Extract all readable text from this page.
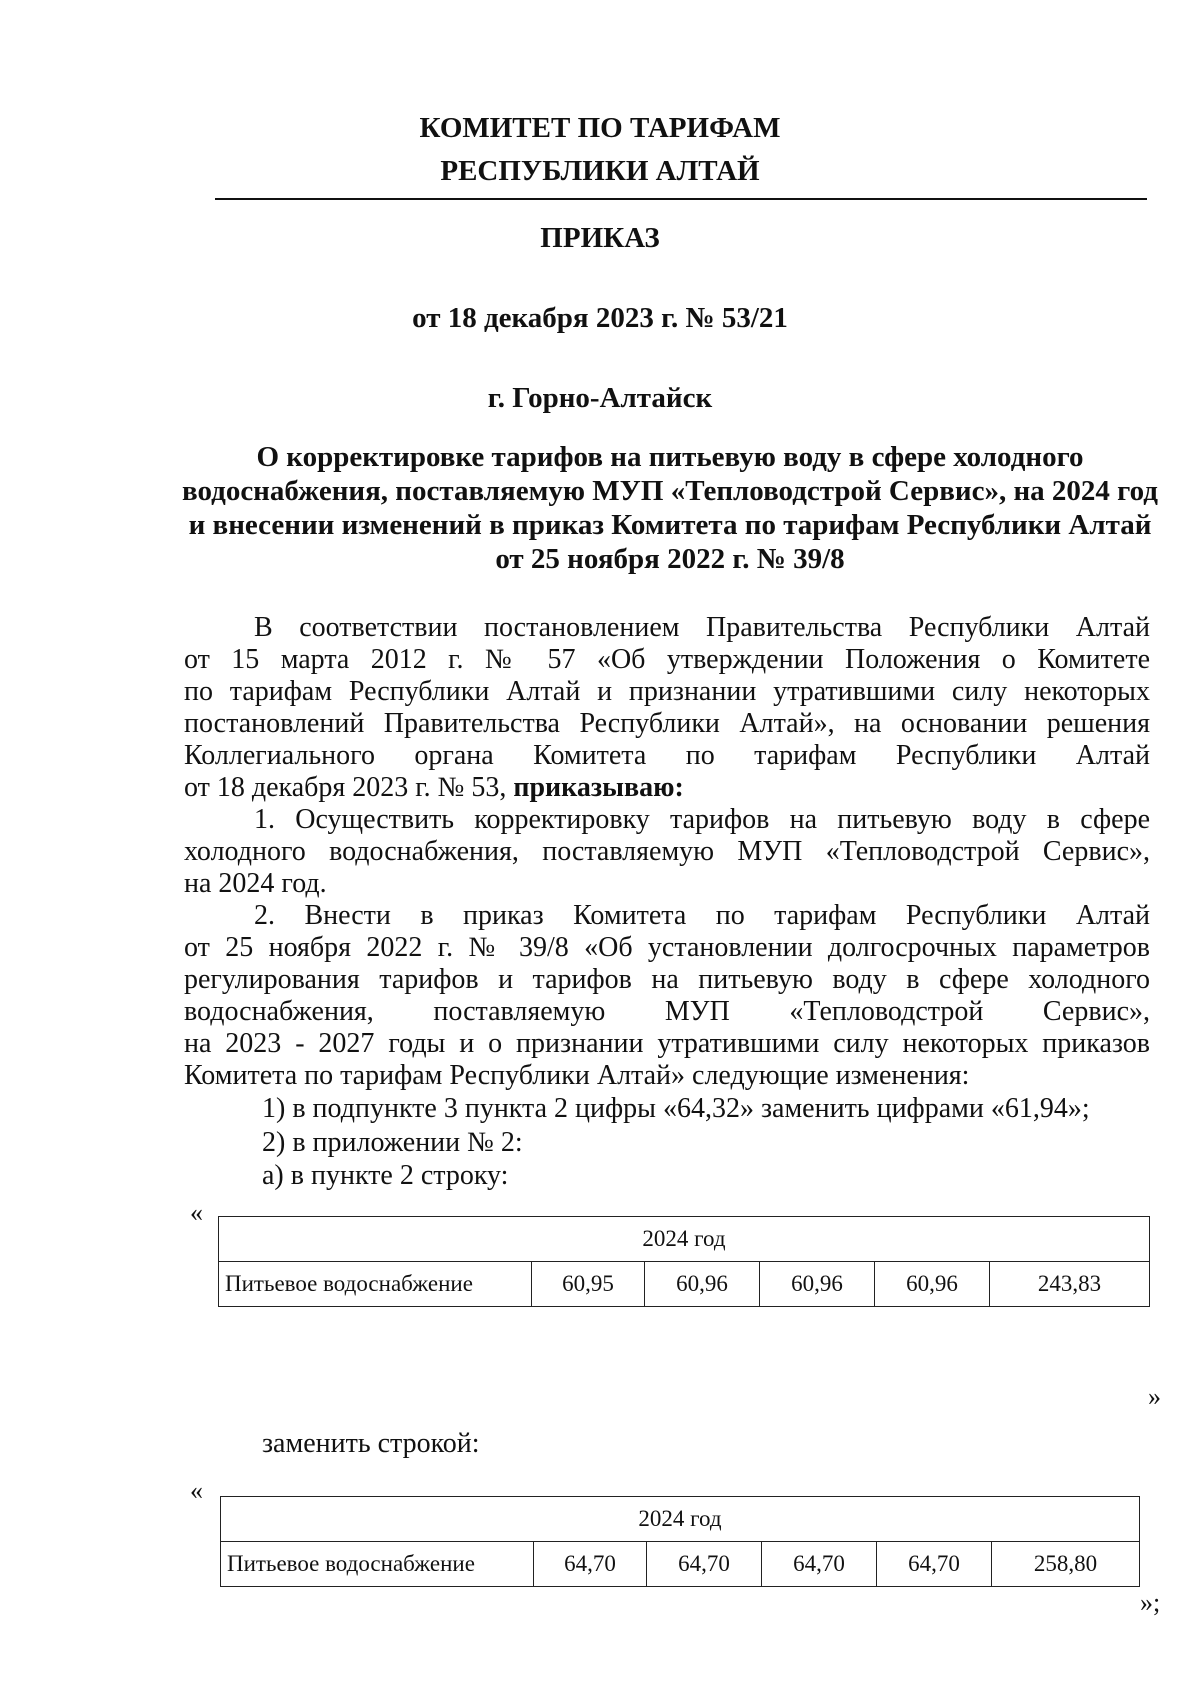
КОМИТЕТ ПО ТАРИФАМ
РЕСПУБЛИКИ АЛТАЙ
ПРИКАЗ
от 18 декабря 2023 г. № 53/21
г. Горно-Алтайск
О корректировке тарифов на питьевую воду в сфере холодного
водоснабжения, поставляемую МУП «Тепловодстрой Сервис», на 2024 год
и внесении изменений в приказ Комитета по тарифам Республики Алтай
от 25 ноября 2022 г. № 39/8
В соответствии постановлением Правительства Республики Алтай
от 15 марта 2012 г. № 57 «Об утверждении Положения о Комитете
по тарифам Республики Алтай и признании утратившими силу некоторых
постановлений Правительства Республики Алтай», на основании решения
Коллегиального органа Комитета по тарифам Республики Алтай
от 18 декабря 2023 г. № 53, приказываю:
1. Осуществить корректировку тарифов на питьевую воду в сфере
холодного водоснабжения, поставляемую МУП «Тепловодстрой Сервис»,
на 2024 год.
2. Внести в приказ Комитета по тарифам Республики Алтай
от 25 ноября 2022 г. № 39/8 «Об установлении долгосрочных параметров
регулирования тарифов и тарифов на питьевую воду в сфере холодного
водоснабжения, поставляемую МУП «Тепловодстрой Сервис»,
на 2023 - 2027 годы и о признании утратившими силу некоторых приказов
Комитета по тарифам Республики Алтай» следующие изменения:
1) в подпункте 3 пункта 2 цифры «64,32» заменить цифрами «61,94»;
2) в приложении № 2:
а) в пункте 2 строку:
«
2024 год
Питьевое водоснабжение	60,95	60,96	60,96	60,96	243,83
»
заменить строкой:
«
2024 год
Питьевое водоснабжение	64,70	64,70	64,70	64,70	258,80
»;
